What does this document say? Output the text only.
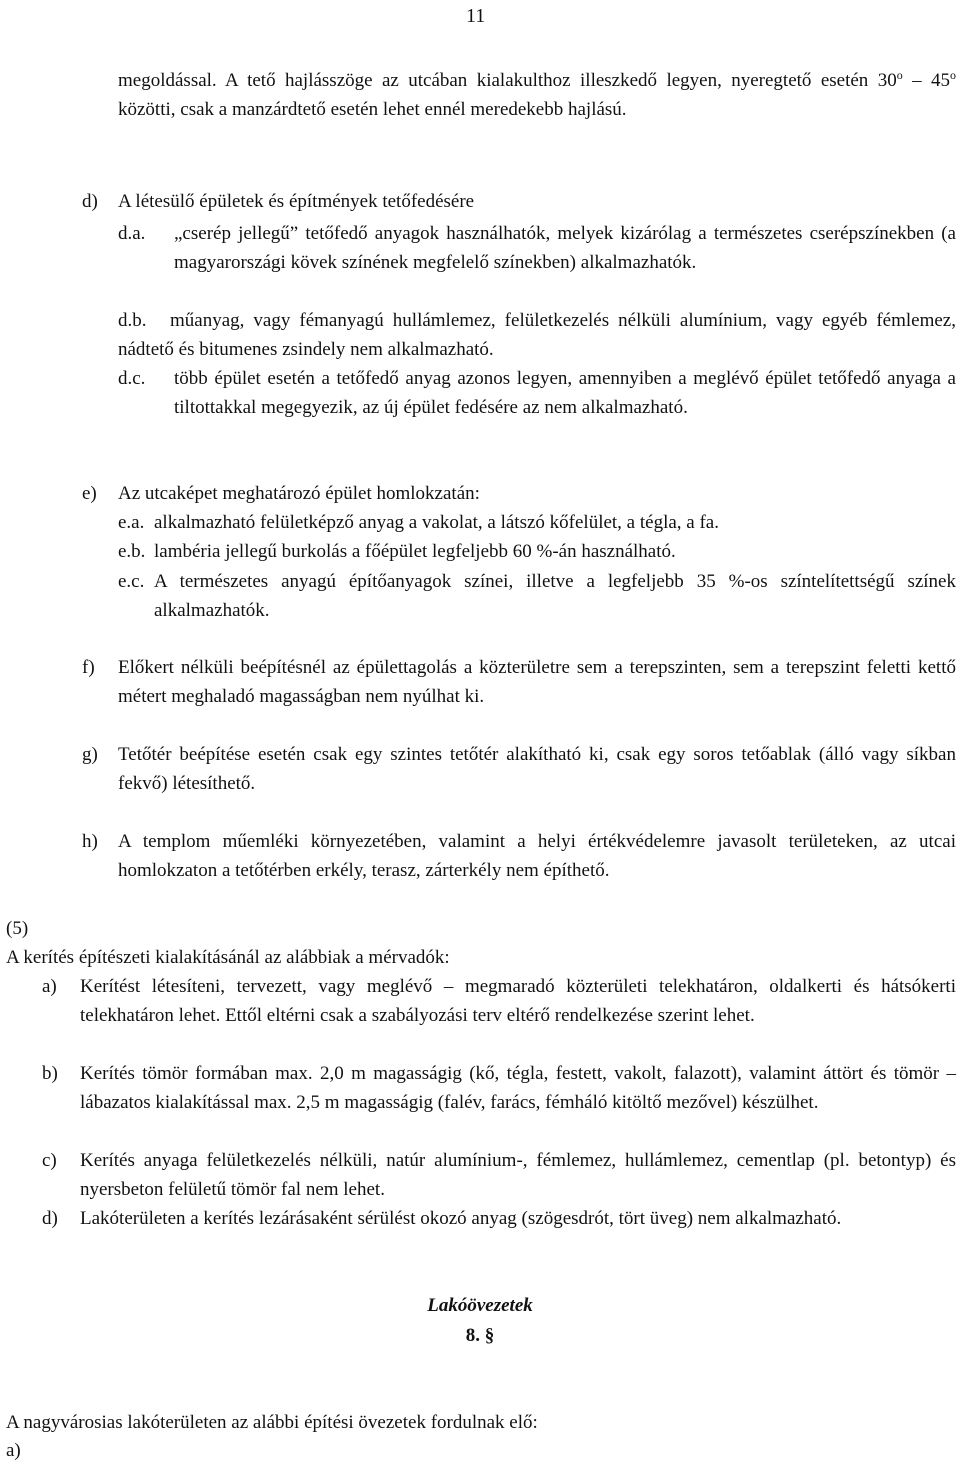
11
megoldással. A tető hajlásszöge az utcában kialakulthoz illeszkedő legyen, nyeregtető esetén 30$^o$ – 45$^o$ közötti, csak a manzárdtető esetén lehet ennél meredekebb hajlású.
d) A létesülő épületek és építmények tetőfedésére
d.a. „cserép jellegű” tetőfedő anyagok használhatók, melyek kizárólag a természetes cserépszínekben (a magyarországi kövek színének megfelelő színekben) alkalmazhatók.
d.b.	műanyag, vagy fémanyagú hullámlemez, felületkezelés nélküli alumínium, vagy egyéb fémlemez, nádtető és bitumenes zsindely nem alkalmazható.
d.c. több épület esetén a tetőfedő anyag azonos legyen, amennyiben a meglévő épület tetőfedő anyaga a tiltottakkal megegyezik, az új épület fedésére az nem alkalmazható.
e) Az utcaképet meghatározó épület homlokzatán:
e.a. alkalmazható felületképző anyag a vakolat, a látszó kőfelület, a tégla, a fa.
e.b. lambéria jellegű burkolás a főépület legfeljebb 60 %-án használható.
e.c. A természetes anyagú építőanyagok színei, illetve a legfeljebb 35 %-os színtelítettségű színek alkalmazhatók.
f) Előkert nélküli beépítésnél az épülettagolás a közterületre sem a terepszinten, sem a terepszint feletti kettő métert meghaladó magasságban nem nyúlhat ki.
g) Tetőtér beépítése esetén csak egy szintes tetőtér alakítható ki, csak egy soros tetőablak (álló vagy síkban fekvő) létesíthető.
h) A templom műemléki környezetében, valamint a helyi értékvédelemre javasolt területeken, az utcai homlokzaton a tetőtérben erkély, terasz, zárterkély nem építhető.
(5)
A kerítés építészeti kialakításánál az alábbiak a mérvadók:
a) Kerítést létesíteni, tervezett, vagy meglévő – megmaradó közterületi telekhatáron, oldalkerti és hátsókerti telekhatáron lehet. Ettől eltérni csak a szabályozási terv eltérő rendelkezése szerint lehet.
b) Kerítés tömör formában max. 2,0 m magasságig (kő, tégla, festett, vakolt, falazott), valamint áttört és tömör – lábazatos kialakítással max. 2,5 m magasságig (falév, farács, fémháló kitöltő mezővel) készülhet.
c) Kerítés anyaga felületkezelés nélküli, natúr alumínium-, fémlemez, hullámlemez, cementlap (pl. betontyp) és nyersbeton felületű tömör fal nem lehet.
d) Lakóterületen a kerítés lezárásaként sérülést okozó anyag (szögesdrót, tört üveg) nem alkalmazható.
Lakóövezetek
8. §
A nagyvárosias lakóterületen az alábbi építési övezetek fordulnak elő:
a)
